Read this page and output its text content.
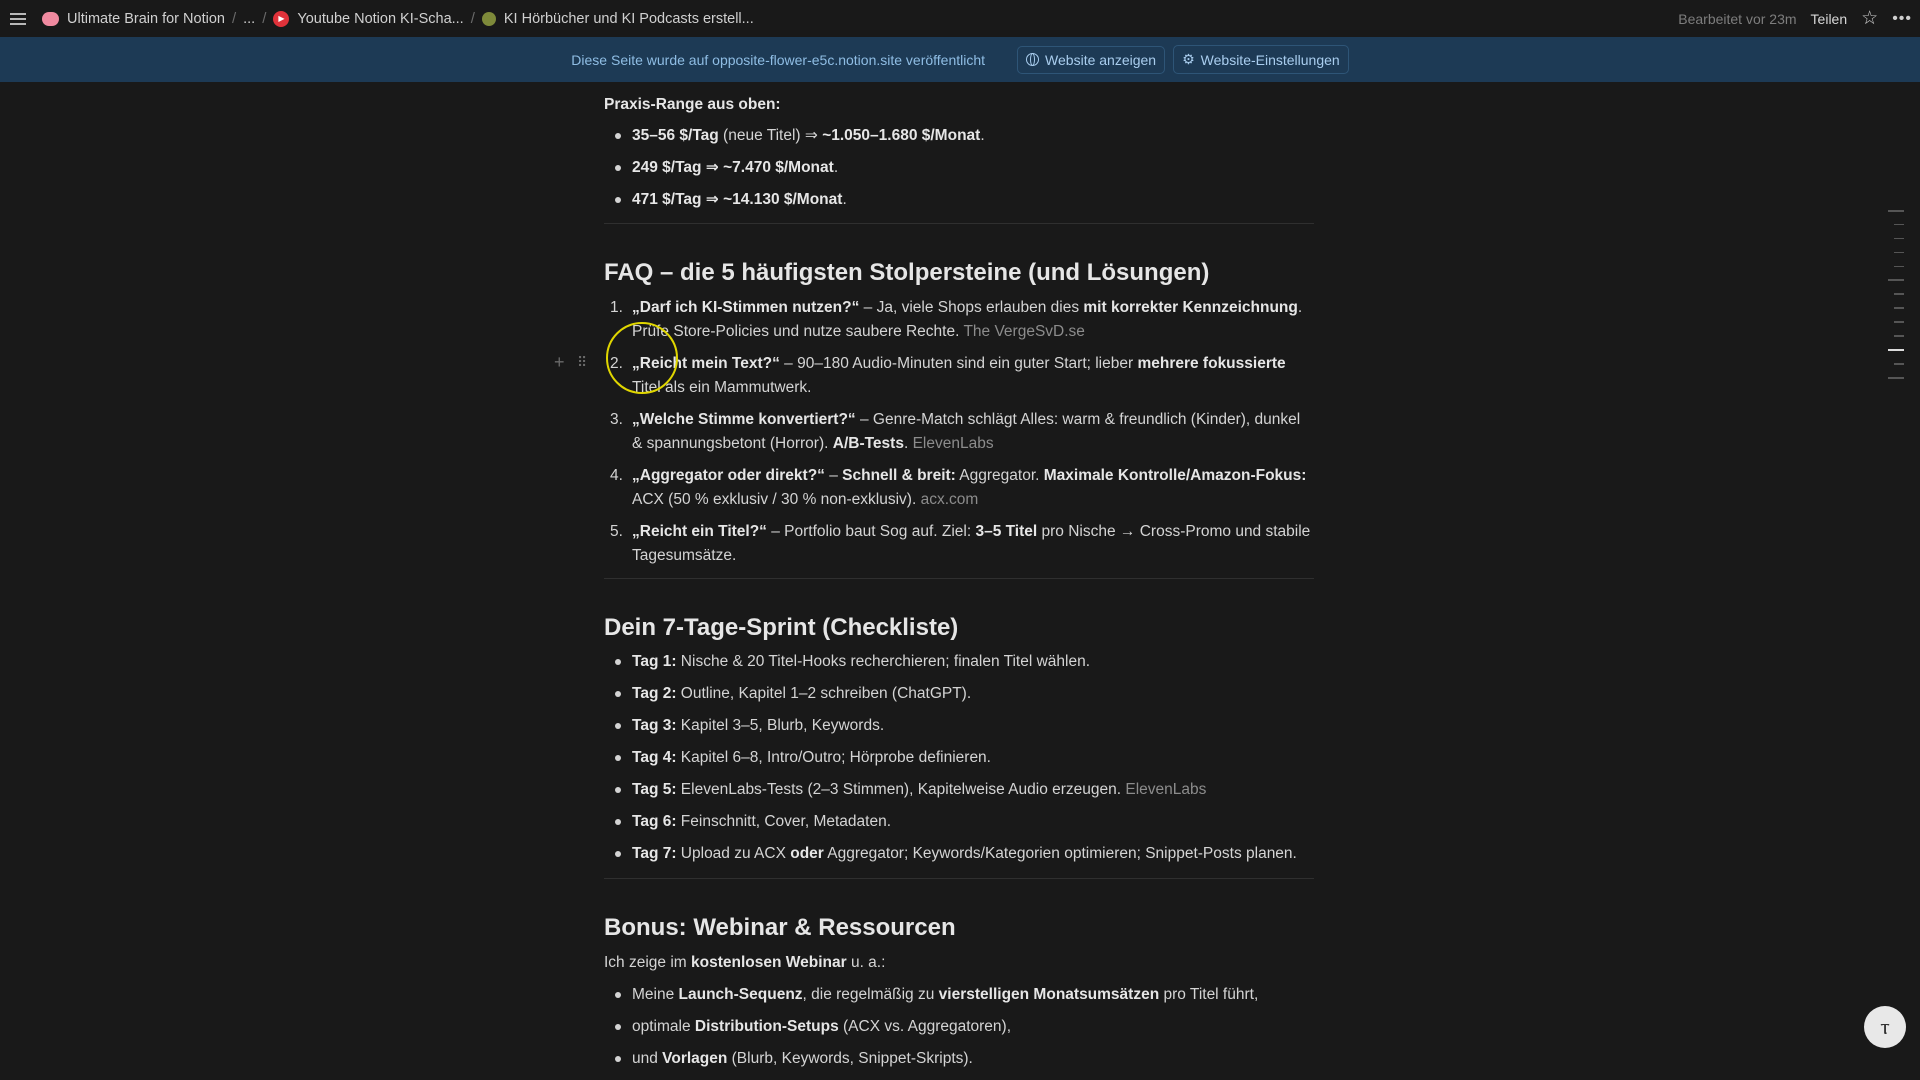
Ultimate Brain for Notion / ... /	▶ Youtube Notion KI-Scha... / KI Hörbücher und KI Podcasts erstell...	Bearbeitet vor 23m Teilen ☆ •••
Diese Seite wurde auf opposite-flower-e5c.notion.site veröffentlicht	Website anzeigen ⚙ Website-Einstellungen
Praxis-Range aus oben:
35–56 $/Tag (neue Titel) ⇒ ~1.050–1.680 $/Monat.
249 $/Tag ⇒ ~7.470 $/Monat.
471 $/Tag ⇒ ~14.130 $/Monat.
FAQ – die 5 häufigsten Stolpersteine (und Lösungen)
1. „Darf ich KI-Stimmen nutzen?“ – Ja, viele Shops erlauben dies mit korrekter Kennzeichnung. Prüfe Store-Policies und nutze saubere Rechte. The VergeSvD.se
2. „Reicht mein Text?“ – 90–180 Audio-Minuten sind ein guter Start; lieber mehrere fokussierte Titel als ein Mammutwerk.
3. „Welche Stimme konvertiert?“ – Genre-Match schlägt Alles: warm & freundlich (Kinder), dunkel & spannungsbetont (Horror). A/B-Tests. ElevenLabs
4. „Aggregator oder direkt?“ – Schnell & breit: Aggregator. Maximale Kontrolle/Amazon-Fokus: ACX (50 % exklusiv / 30 % non-exklusiv). acx.com
5. „Reicht ein Titel?“ – Portfolio baut Sog auf. Ziel: 3–5 Titel pro Nische → Cross-Promo und stabile Tagesumsätze.
Dein 7-Tage-Sprint (Checkliste)
Tag 1: Nische & 20 Titel-Hooks recherchieren; finalen Titel wählen.
Tag 2: Outline, Kapitel 1–2 schreiben (ChatGPT).
Tag 3: Kapitel 3–5, Blurb, Keywords.
Tag 4: Kapitel 6–8, Intro/Outro; Hörprobe definieren.
Tag 5: ElevenLabs-Tests (2–3 Stimmen), Kapitelweise Audio erzeugen. ElevenLabs
Tag 6: Feinschnitt, Cover, Metadaten.
Tag 7: Upload zu ACX oder Aggregator; Keywords/Kategorien optimieren; Snippet-Posts planen.
Bonus: Webinar & Ressourcen
Ich zeige im kostenlosen Webinar u. a.:
Meine Launch-Sequenz, die regelmäßig zu vierstelligen Monatsumsätzen pro Titel führt,
optimale Distribution-Setups (ACX vs. Aggregatoren),
und Vorlagen (Blurb, Keywords, Snippet-Skripts).
+ ⠿
ⲧ
